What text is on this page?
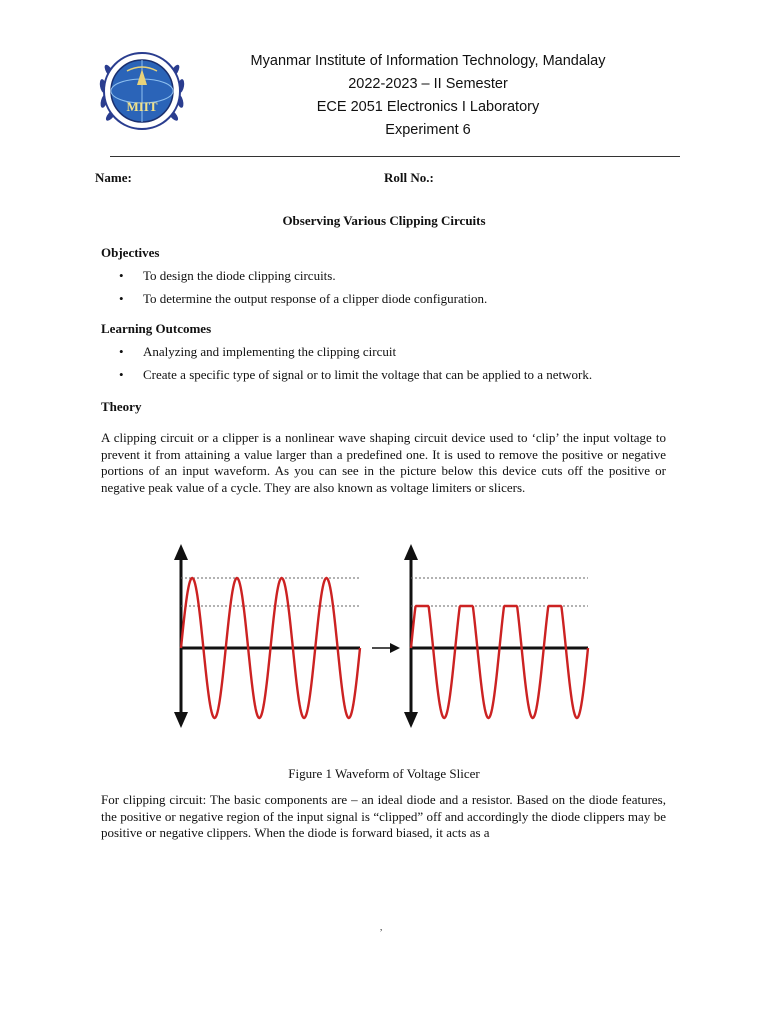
MIIT
Myanmar Institute of Information Technology, Mandalay
2022-2023 – II Semester
ECE 2051 Electronics I Laboratory
Experiment 6
Name:	Roll No.:
Observing Various Clipping Circuits
Objectives
• To design the diode clipping circuits.
• To determine the output response of a clipper diode configuration.
Learning Outcomes
• Analyzing and implementing the clipping circuit
• Create a specific type of signal or to limit the voltage that can be applied to a network.
Theory

A clipping circuit or a clipper is a nonlinear wave shaping circuit device used to ‘clip’ the input voltage to prevent it from attaining a value larger than a predefined one. It is used to remove the positive or negative portions of an input waveform. As you can see in the picture below this device cuts off the positive or negative peak value of a cycle. They are also known as voltage limiters or slicers.

Figure 1 Waveform of Voltage Slicer

For clipping circuit: The basic components are – an ideal diode and a resistor. Based on the diode features, the positive or negative region of the input signal is “clipped” off and accordingly the diode clippers may be positive or negative clippers. When the diode is forward biased, it acts as a

,
